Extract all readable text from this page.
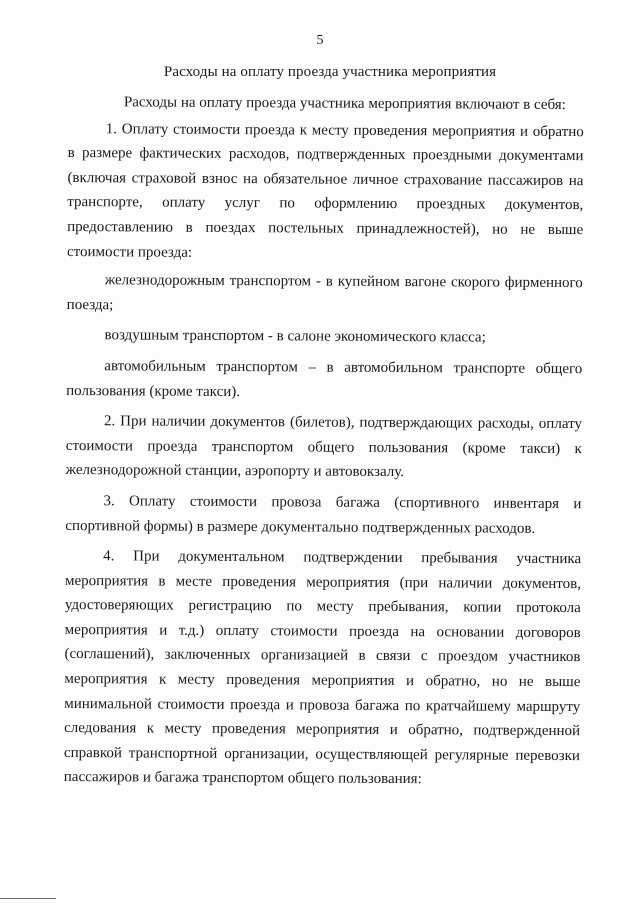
5
Расходы на оплату проезда участника мероприятия

Расходы на оплату проезда участника мероприятия включают в себя:

1. Оплату стоимости проезда к месту проведения мероприятия и обратно в размере фактических расходов, подтвержденных проездными документами (включая страховой взнос на обязательное личное страхование пассажиров на транспорте, оплату услуг по оформлению проездных документов, предоставлению в поездах постельных принадлежностей), но не выше стоимости проезда:

железнодорожным транспортом - в купейном вагоне скорого фирменного поезда;

воздушным транспортом - в салоне экономического класса;

автомобильным транспортом – в автомобильном транспорте общего пользования (кроме такси).

2. При наличии документов (билетов), подтверждающих расходы, оплату стоимости проезда транспортом общего пользования (кроме такси) к железнодорожной станции, аэропорту и автовокзалу.

3. Оплату стоимости провоза багажа (спортивного инвентаря и спортивной формы) в размере документально подтвержденных расходов.

4. При документальном подтверждении пребывания участника мероприятия в месте проведения мероприятия (при наличии документов, удостоверяющих регистрацию по месту пребывания, копии протокола мероприятия и т.д.) оплату стоимости проезда на основании договоров (соглашений), заключенных организацией в связи с проездом участников мероприятия к месту проведения мероприятия и обратно, но не выше минимальной стоимости проезда и провоза багажа по кратчайшему маршруту следования к месту проведения мероприятия и обратно, подтвержденной справкой транспортной организации, осуществляющей регулярные перевозки пассажиров и багажа транспортом общего пользования:
